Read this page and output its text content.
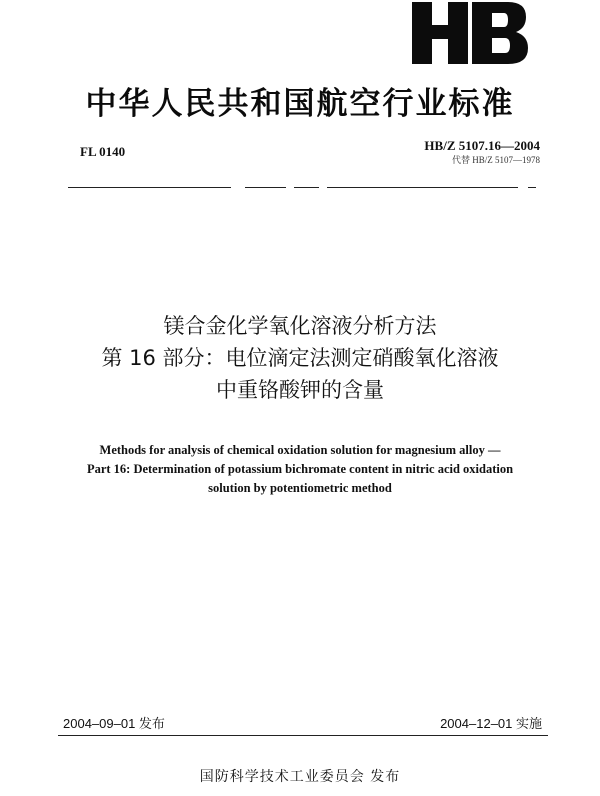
中华人民共和国航空行业标准
FL 0140	HB/Z 5107.16—2004
代替 HB/Z 5107—1978
镁合金化学氧化溶液分析方法
第 16 部分：电位滴定法测定硝酸氧化溶液
中重铬酸钾的含量
Methods for analysis of chemical oxidation solution for magnesium alloy —
Part 16: Determination of potassium bichromate content in nitric acid oxidation
solution by potentiometric method
2004–09–01 发布	2004–12–01 实施
国防科学技术工业委员会 发布
